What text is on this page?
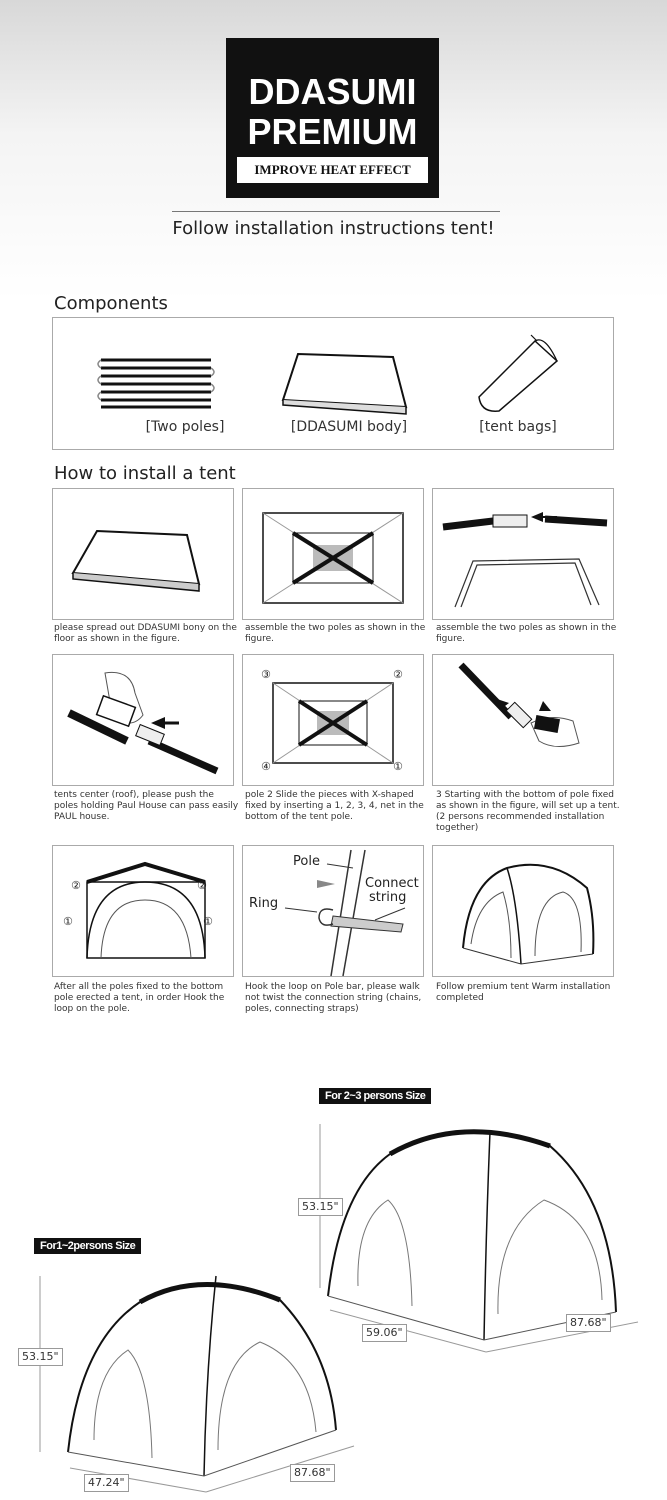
DDASUMI
PREMIUM
IMPROVE HEAT EFFECT
Follow installation instructions tent!
Components
[Two poles]	[DDASUMI body]	[tent bags]
How to install a tent
please spread out DDASUMI bony on the floor as shown in the figure.
assemble the two poles as shown in the figure.
assemble the two poles as shown in the figure.
tents center (roof), please push the poles holding Paul House can pass easily PAUL house.
③	②
④	①
pole 2 Slide the pieces with X-shaped fixed by inserting a 1, 2, 3, 4, net in the bottom of the tent pole.
3 Starting with the bottom of pole fixed as shown in the figure, will set up a tent. (2 persons recommended installation together)
②	②
①	①
After all the poles fixed to the bottom pole erected a tent, in order Hook the loop on the pole.
Pole
Ring
Connect
string
Hook the loop on Pole bar, please walk not twist the connection string (chains, poles, connecting straps)
Follow premium tent Warm installation completed
For 2~3 persons Size
53.15"
59.06"
87.68"
For1~2persons Size
53.15"
47.24"
87.68"
